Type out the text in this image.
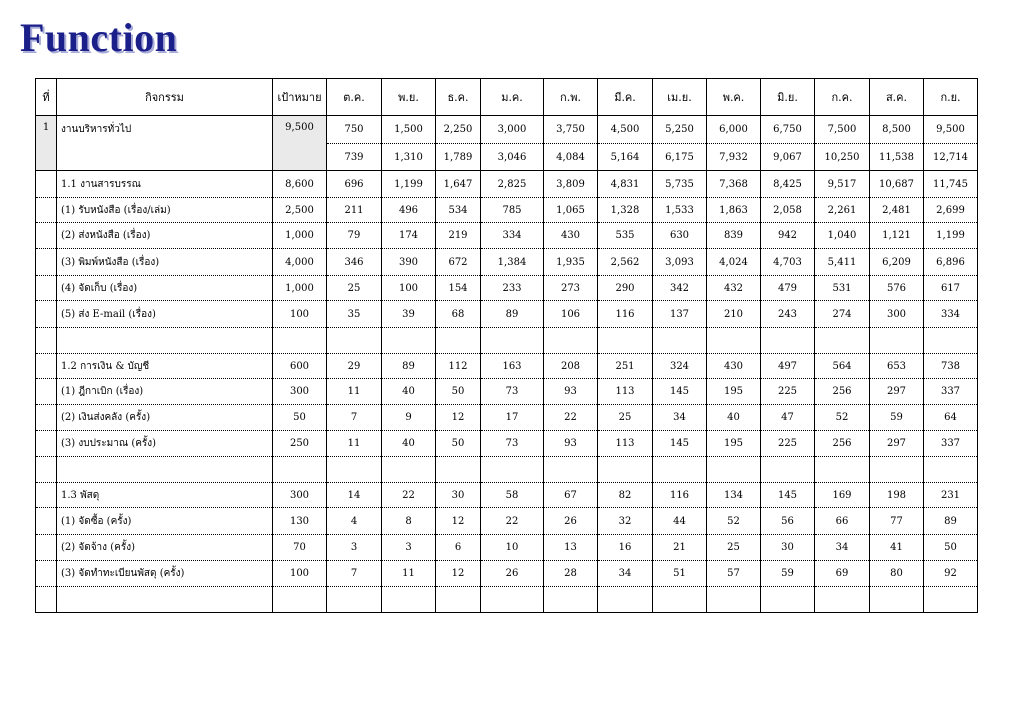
Function
ที่	กิจกรรม	เป้าหมาย	ต.ค.	พ.ย.	ธ.ค.	ม.ค.	ก.พ.	มี.ค.	เม.ย.	พ.ค.	มิ.ย.	ก.ค.	ส.ค.	ก.ย.
1	งานบริหารทั่วไป	9,500	750	1,500	2,250	3,000	3,750	4,500	5,250	6,000	6,750	7,500	8,500	9,500
			739	1,310	1,789	3,046	4,084	5,164	6,175	7,932	9,067	10,250	11,538	12,714
	1.1 งานสารบรรณ	8,600	696	1,199	1,647	2,825	3,809	4,831	5,735	7,368	8,425	9,517	10,687	11,745
	(1) รับหนังสือ (เรื่อง/เล่ม)	2,500	211	496	534	785	1,065	1,328	1,533	1,863	2,058	2,261	2,481	2,699
	(2) ส่งหนังสือ (เรื่อง)	1,000	79	174	219	334	430	535	630	839	942	1,040	1,121	1,199
	(3) พิมพ์หนังสือ (เรื่อง)	4,000	346	390	672	1,384	1,935	2,562	3,093	4,024	4,703	5,411	6,209	6,896
	(4) จัดเก็บ (เรื่อง)	1,000	25	100	154	233	273	290	342	432	479	531	576	617
	(5) ส่ง E-mail (เรื่อง)	100	35	39	68	89	106	116	137	210	243	274	300	334

	1.2 การเงิน & บัญชี	600	29	89	112	163	208	251	324	430	497	564	653	738
	(1) ฎีกาเบิก (เรื่อง)	300	11	40	50	73	93	113	145	195	225	256	297	337
	(2) เงินส่งคลัง (ครั้ง)	50	7	9	12	17	22	25	34	40	47	52	59	64
	(3) งบประมาณ (ครั้ง)	250	11	40	50	73	93	113	145	195	225	256	297	337

	1.3 พัสดุ	300	14	22	30	58	67	82	116	134	145	169	198	231
	(1) จัดซื้อ (ครั้ง)	130	4	8	12	22	26	32	44	52	56	66	77	89
	(2) จัดจ้าง (ครั้ง)	70	3	3	6	10	13	16	21	25	30	34	41	50
	(3) จัดทำทะเบียนพัสดุ (ครั้ง)	100	7	11	12	26	28	34	51	57	59	69	80	92
